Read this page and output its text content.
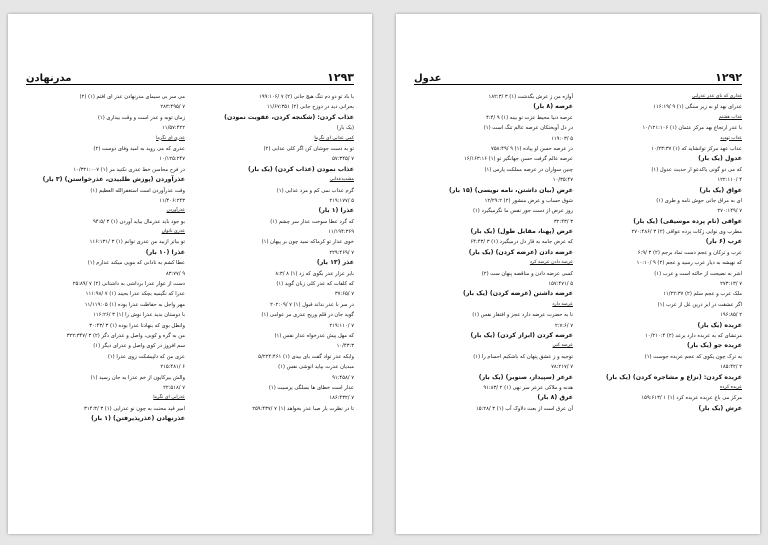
مدرنهادن	۱۲۹۳
با باد تو دو دم تنگ هیچ جانی (۲) ۷ /۱۹۹:۱۰۶
بحرانی دید در دوزخ جانی (۲) ۱۱/۶۷:۳۵۱
عذاب کردن: (شکنجه کردن، عقوبت نمودن)
(یک بار)
کمی عذابی ای نگرما
تو به دست جوشان کن اگر کلی عذابی (۲)
۷ /۵۷:۳۴۵
عذاب نمودن (عذاب کردن) (یک بار)
مشدیدعذابی
گرم عذاب نمی کم و مرد عذابی (۱)
۵ /۲۱۹:۱۷۷
عذرا (۱ بار)
که گرد عطا سوخت عذار سر چشم (۱)
۱۱/۱۹۴:۳۶۹
خوی عذار تو کرماکه نمید چون بر پیهان (۱)
۷ /۲۲۹:۴۶۹
عذر (۱۳ بار)
بابر عزار عذر بگوی که زد (۱) ۸ /۸:۳
که کلفات که عذر کلی زبان گوید (۱)
۷ /۳۷:۶۵
در سر با عذر نداند قبول (۱) ۷ /۲۰۲:۰۹
گوید جان در قلم وریح عذری مر عوامی (۱)
۷ /۲۱۹:۱۱۰
که مهل پیش عذرخواه عذار نفس (۱)
۱۰/۴۳:۳
وابکه عذر تواد گفت بای بیدی (۱) ۵/۲۲۴:۴۶۱
مبدیان عذرت بپاید انوشی نفس (۱)
۷ /۹۱:۴۵۸
عذار است خطای ها بسلگی پرسیت (۱)
۷ /۱۸۶:۴۳۲
تا در نظرت بار صبا عذر بخواهد (۱) ۷ /۲۵۹:۴۳۷
می سر بی سیمای مدرنهادن عذر ای افتم (۱) (۲)
۷ /۲۸۳:۴۹۵
زمان توبه و عذر است و وقت بیداری (۱)
۱۱/۵۷:۴۲۲
عذری ای نگرما
عذری که می روید به امید وفای دوست (۲)
۱۰/۱۲۵:۲۴۷
در فرح محاسن خط عذری نکنید مر (۱) ۱۰/۳۲۱:۰۰۷
عذرآوردن (پوزش طلبیدن، عذرخواستن) (۳ بار)
وقت عذرآوردن است استغفرالله العظیم (۱)
۱۱/۴۰۶:۲۴۳
عذرآوردن
بو جود باید عذرمال بیاید آوردن (۱) ۳ /۹۴:۵
عذری ناتوان
تو بیاتر ازبید من عذری توانم (۱) ۳ /۱۱۶:۱۳۱
عذرا (۱۰ بار)
عطا کشم به نادانی که مویی میکند عذارم (۱)
۹ /۸۳:۷۷
دست از عوار عذرا برداشی به داشتانی (۲) ۷ /۲۵:۸۹
عذرا که نگیمیه بچکد عذرا بحیند (۱) ۷ /۱۱۱:۹۸
مهر واجل به حفاظت عذرا بوده (۱) ۱۱/۱۱۹:۰۵
با دوستان بدید عذرا نوش را (۱) ۳ /۱۱۶:۲۶
وانطل بوی که بنهادنا عذرا بوده (۱) ۳ /۳۰:۴۳
من به گره و کوبی، واصل و عذرای دگر (۲) ۳ /۳۲۲:۳۴۷
سم افروز در کوی واصل و عذرای دیگر (۱)
عزی من که دلپیشکت زوی عذرا (۱)
۶ /۲۱۵:۴۸۱
والش بیرکایون از خم عذرا به جان رسید (۱)
۷ /۲۲:۵۱۸
عذرایی ای نگرما
امیر قید محنت به چون نو عذرایی (۱) ۳ /۳۱۴:۳
عذرنهادن (عذرپذیرفتن) (۱ بار)
عدول	۱۲۹۲
عذاری که نای عذر عذرایی
عذرای بهد او به زیر سنگی (۱) ۹ /۱۱۶:۱۹
عذاب هشتم
با عذر ارتجاع بهد مرکز عثمان (۱) ۱۰/۱۲۱:۱۰۶
عذاب تهدید
عذاب عهد مرکز توانشاید که (۱) ۱۰/۲۳:۳۷
عدول (یک بار)
که می دو گونی یاکدعو ار حدیث عدول (۱)
۴ /۱۲۲:۱۱۰
عواق (یک بار)
ای به مراق جانی حوش نامه و طری (۱)
۷ /۲۷۰:۱۴۹
عواقی (نام پرده موسیقی) (یک بار)
مطرب وی نوایی زکات پرده عواقی (۲) ۳ /۲۷۰:۴۸۶
عرب (۶ بار)
عرب و ترکان و عجم دست تماد برجم (۲) ۳ /۶:۹
که نهیشه به دیار عرب رسید و عجم (۲) ۹ /۱۰:۱۰
اشر به نصیحت از حالته است و عرب (۱)
۷ /۲۷۳:۱۳
ملک عرب و عجم سلم (۲) ۱۱/۲۲:۳۷
اگر عشقت در ایر درین غل از عرب (۱)
۲ /۱۹۶:۸۵
عربده (یک بار)
مرتشای که به عربده دارد برعد (۲) ۱۰/۲۱۰:۴
عربده جو (یک بار)
به ترک چون یکوی که عجم عربده جوست (۱)
۲ /۱۸۵:۴۲
عربده کردن: (نزاع و مشاجره کردن) (یک بار)
عربده کرده
مرکز می باغ عربده عربده کرد (۱) ۱ /۱۵۹:۶۱۳
عرش (یک بار)
آوازه من ز عرش بگذشت (۱) ۳ /۱۸۲:۳
عرصه (۸ بار)
عرصه دنیا محیط عزت تو بینه (۱) ۹ /۴:۴
در دل آوبختکان عرصه عالم تنگ است (۱)
۵ /۱۱۹:۰۳
در عرصه حسن او پیاده (۱) ۹ /۷۵۸:۴۹
عرصه عالم گرفت حسن جهانگیر تو (۱) ۱۶/۱۶۳:۱۶
چنین سواران در عرصه مملکت پارس (۱)
۱۰/۳۵:۴۷
عرض (بیان داشتن، نامه نویسی) (۱۵ بار)
شوق حساب و عرض منشور (۲) ۱۲/۲۹:۲
روز عرض از دست جور نفس ما نگرمیگیرد (۱)
۳ /۳۲:۴۳
عرض (پهنا، مقابل طول) (یک بار)
که عرض جامه به قار دل درمیگیرد (۱) ۳ /۶۴:۴۳
عرضه دادن (عرضه کردن) (یک بار)
عرضه دادن عرضه کرد
کسی عرضه دادن و مناقصه پنهان ست (۲)
۵ /۱۵۷:۴۷۱
عرضه داشتن (عرضه کردن) (یک بار)
عرضه دارد
نا به حضرت عرضه دارد عجز و افتقار نفس (۱)
۷ /۲:۷:۶
عرضه کردن (ابراز کردن) (یک بار)
عرضه کنی
توجیه و ز عشق پنهان که باشکیم احسام را (۱)
۷ /۷۸:۲۱۷
عرعر (سپیدار، صنوبر) (یک بار)
هدنه و ملاکی عرعر سر نهی (۱) ۲ /۹۱:۸۳
عرق (۸ بار)
آن عرق است از بعث دلاوک آب (۱) ۳ /۱۵:۲۸
